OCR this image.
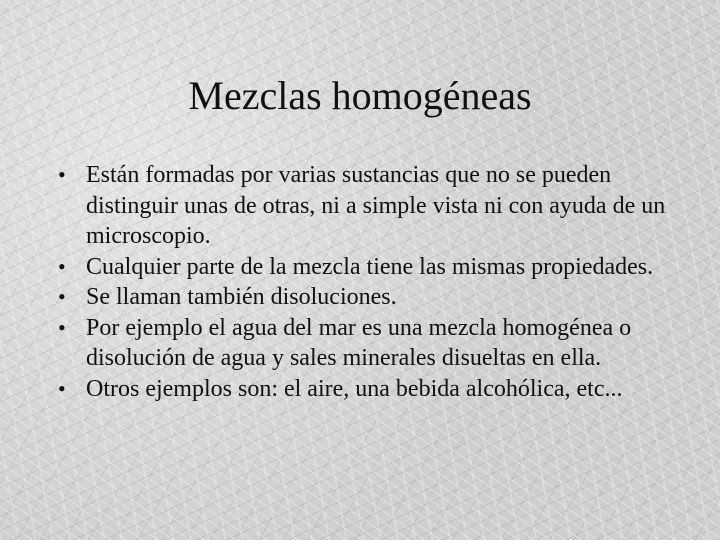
Mezclas homogéneas
• Están formadas por varias sustancias que no se pueden distinguir unas de otras, ni a simple vista ni con ayuda de un microscopio.
• Cualquier parte de la mezcla tiene las mismas propiedades.
• Se llaman también disoluciones.
• Por ejemplo el agua del mar es una mezcla homogénea o disolución de agua y sales minerales disueltas en ella.
• Otros ejemplos son: el aire, una bebida alcohólica, etc...
